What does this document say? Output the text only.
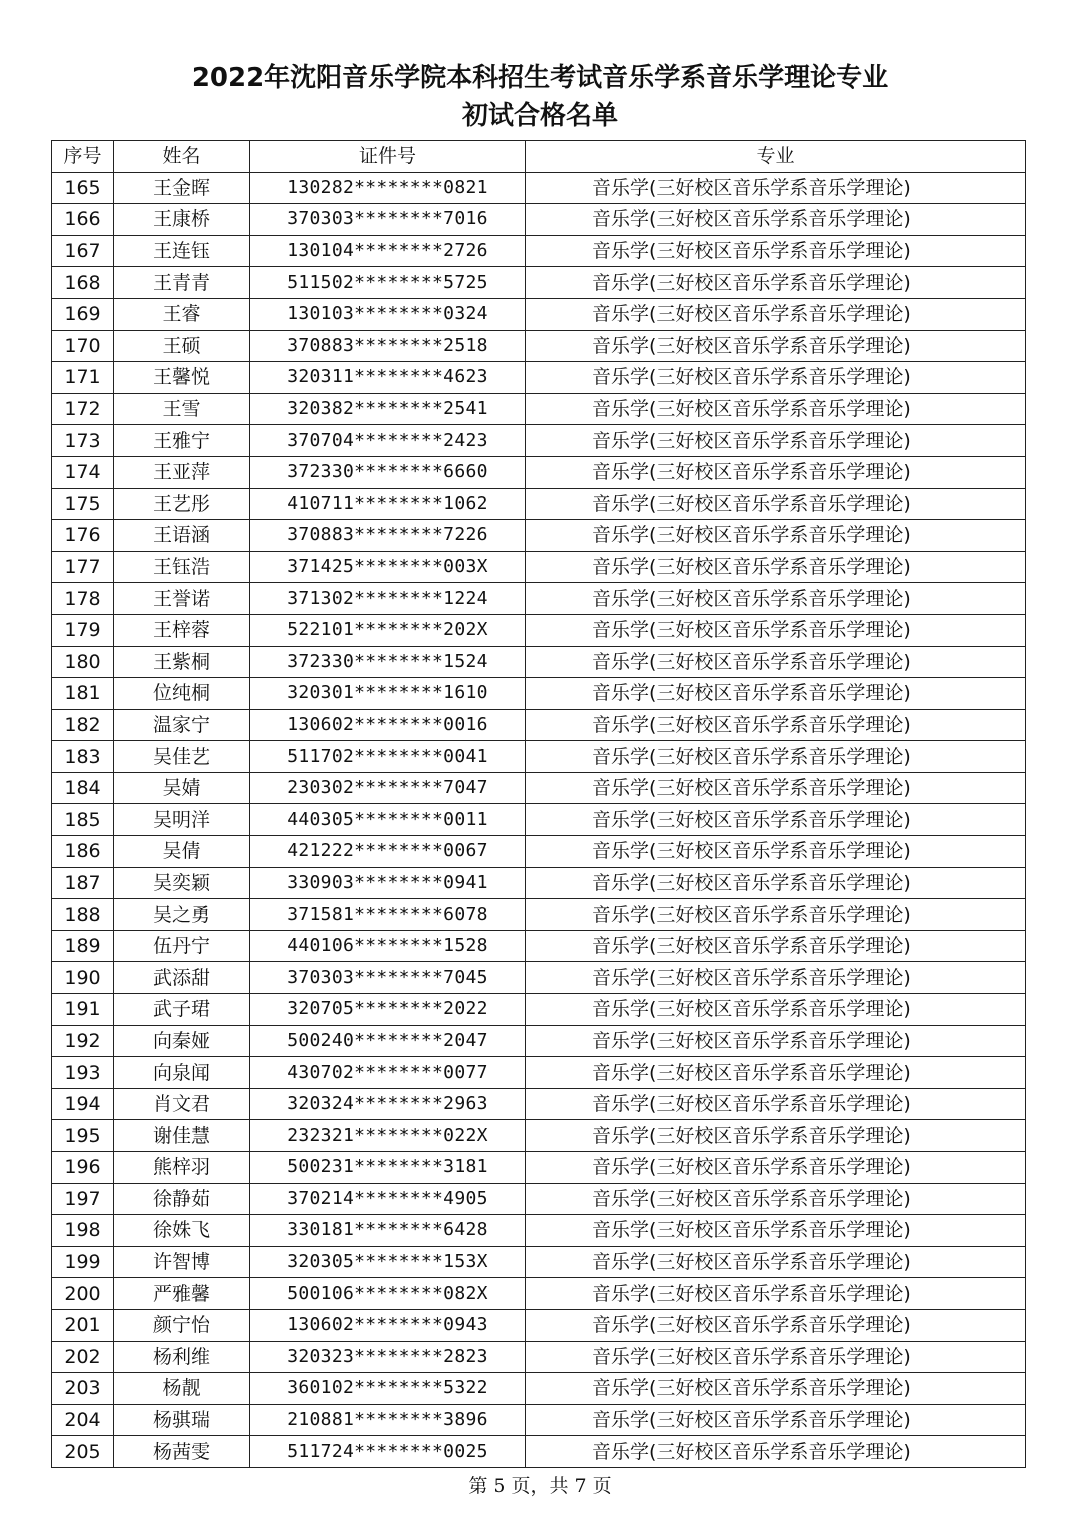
2022年沈阳音乐学院本科招生考试音乐学系音乐学理论专业
初试合格名单
序号	姓名	证件号	专业
165	王金晖	130282********0821	音乐学(三好校区音乐学系音乐学理论)
166	王康桥	370303********7016	音乐学(三好校区音乐学系音乐学理论)
167	王连钰	130104********2726	音乐学(三好校区音乐学系音乐学理论)
168	王青青	511502********5725	音乐学(三好校区音乐学系音乐学理论)
169	王睿	130103********0324	音乐学(三好校区音乐学系音乐学理论)
170	王硕	370883********2518	音乐学(三好校区音乐学系音乐学理论)
171	王馨悦	320311********4623	音乐学(三好校区音乐学系音乐学理论)
172	王雪	320382********2541	音乐学(三好校区音乐学系音乐学理论)
173	王雅宁	370704********2423	音乐学(三好校区音乐学系音乐学理论)
174	王亚萍	372330********6660	音乐学(三好校区音乐学系音乐学理论)
175	王艺彤	410711********1062	音乐学(三好校区音乐学系音乐学理论)
176	王语涵	370883********7226	音乐学(三好校区音乐学系音乐学理论)
177	王钰浩	371425********003X	音乐学(三好校区音乐学系音乐学理论)
178	王誉诺	371302********1224	音乐学(三好校区音乐学系音乐学理论)
179	王梓蓉	522101********202X	音乐学(三好校区音乐学系音乐学理论)
180	王紫桐	372330********1524	音乐学(三好校区音乐学系音乐学理论)
181	位纯桐	320301********1610	音乐学(三好校区音乐学系音乐学理论)
182	温家宁	130602********0016	音乐学(三好校区音乐学系音乐学理论)
183	吴佳艺	511702********0041	音乐学(三好校区音乐学系音乐学理论)
184	吴婧	230302********7047	音乐学(三好校区音乐学系音乐学理论)
185	吴明洋	440305********0011	音乐学(三好校区音乐学系音乐学理论)
186	吴倩	421222********0067	音乐学(三好校区音乐学系音乐学理论)
187	吴奕颖	330903********0941	音乐学(三好校区音乐学系音乐学理论)
188	吴之勇	371581********6078	音乐学(三好校区音乐学系音乐学理论)
189	伍丹宁	440106********1528	音乐学(三好校区音乐学系音乐学理论)
190	武添甜	370303********7045	音乐学(三好校区音乐学系音乐学理论)
191	武子珺	320705********2022	音乐学(三好校区音乐学系音乐学理论)
192	向秦娅	500240********2047	音乐学(三好校区音乐学系音乐学理论)
193	向泉闻	430702********0077	音乐学(三好校区音乐学系音乐学理论)
194	肖文君	320324********2963	音乐学(三好校区音乐学系音乐学理论)
195	谢佳慧	232321********022X	音乐学(三好校区音乐学系音乐学理论)
196	熊梓羽	500231********3181	音乐学(三好校区音乐学系音乐学理论)
197	徐静茹	370214********4905	音乐学(三好校区音乐学系音乐学理论)
198	徐姝飞	330181********6428	音乐学(三好校区音乐学系音乐学理论)
199	许智博	320305********153X	音乐学(三好校区音乐学系音乐学理论)
200	严雅馨	500106********082X	音乐学(三好校区音乐学系音乐学理论)
201	颜宁怡	130602********0943	音乐学(三好校区音乐学系音乐学理论)
202	杨利维	320323********2823	音乐学(三好校区音乐学系音乐学理论)
203	杨靓	360102********5322	音乐学(三好校区音乐学系音乐学理论)
204	杨骐瑞	210881********3896	音乐学(三好校区音乐学系音乐学理论)
205	杨茜雯	511724********0025	音乐学(三好校区音乐学系音乐学理论)
第 5 页，共 7 页
